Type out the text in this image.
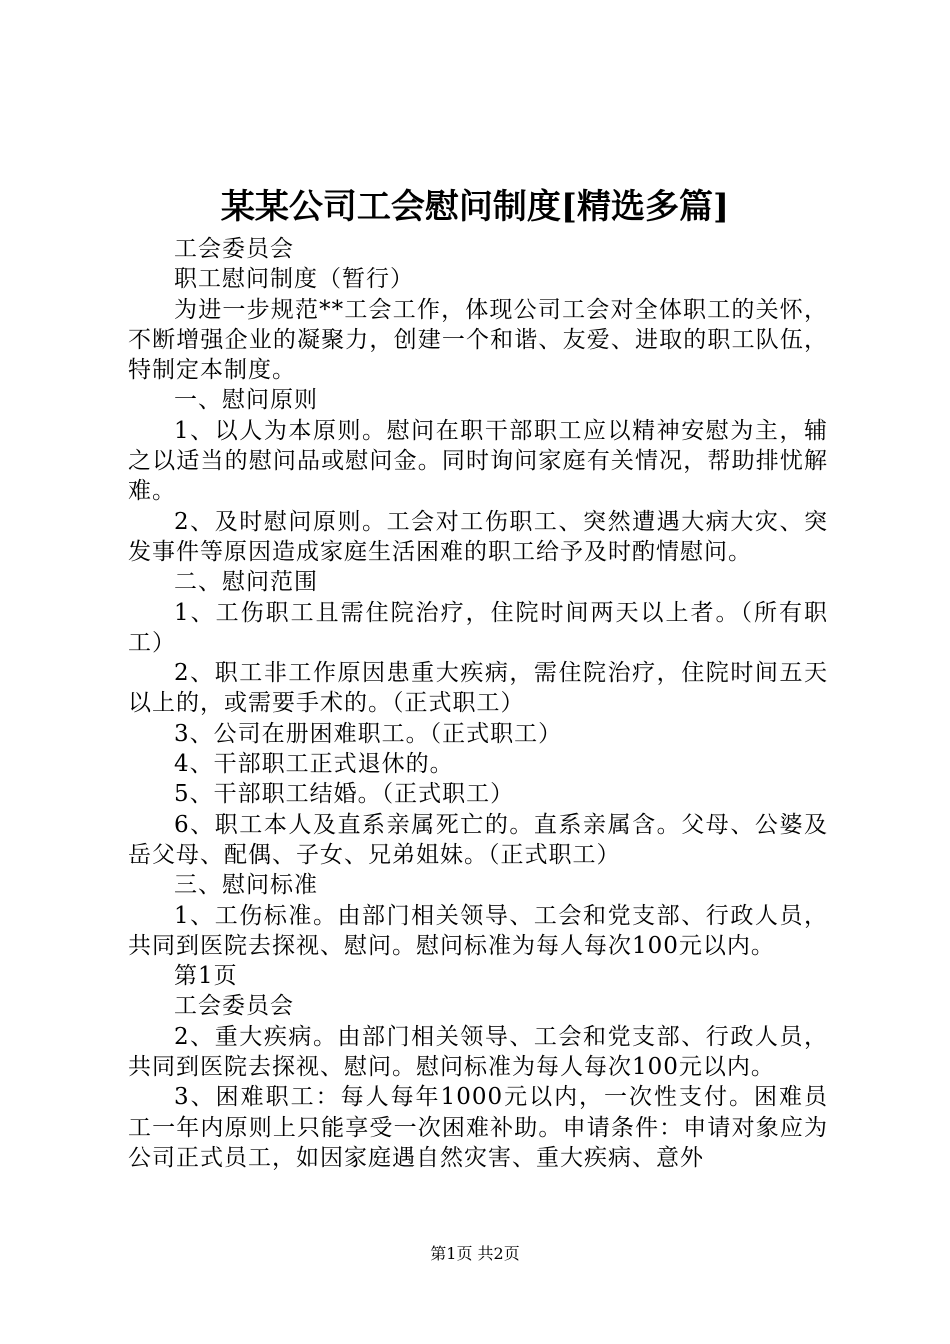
某某公司工会慰问制度[精选多篇]

工会委员会

职工慰问制度（暂行）

为进一步规范**工会工作，体现公司工会对全体职工的关怀，不断增强企业的凝聚力，创建一个和谐、友爱、进取的职工队伍，特制定本制度。

一、慰问原则

1、以人为本原则。慰问在职干部职工应以精神安慰为主，辅之以适当的慰问品或慰问金。同时询问家庭有关情况，帮助排忧解难。

2、及时慰问原则。工会对工伤职工、突然遭遇大病大灾、突发事件等原因造成家庭生活困难的职工给予及时酌情慰问。

二、慰问范围

1、工伤职工且需住院治疗，住院时间两天以上者。（所有职工）

2、职工非工作原因患重大疾病，需住院治疗，住院时间五天以上的，或需要手术的。（正式职工）

3、公司在册困难职工。（正式职工）

4、干部职工正式退休的。

5、干部职工结婚。（正式职工）

6、职工本人及直系亲属死亡的。直系亲属含。父母、公婆及岳父母、配偶、子女、兄弟姐妹。（正式职工）

三、慰问标准

1、工伤标准。由部门相关领导、工会和党支部、行政人员，共同到医院去探视、慰问。慰问标准为每人每次100元以内。

第1页

工会委员会

2、重大疾病。由部门相关领导、工会和党支部、行政人员，共同到医院去探视、慰问。慰问标准为每人每次100元以内。

3、困难职工：每人每年1000元以内，一次性支付。困难员工一年内原则上只能享受一次困难补助。申请条件：申请对象应为公司正式员工，如因家庭遇自然灾害、重大疾病、意外

第1页 共2页
